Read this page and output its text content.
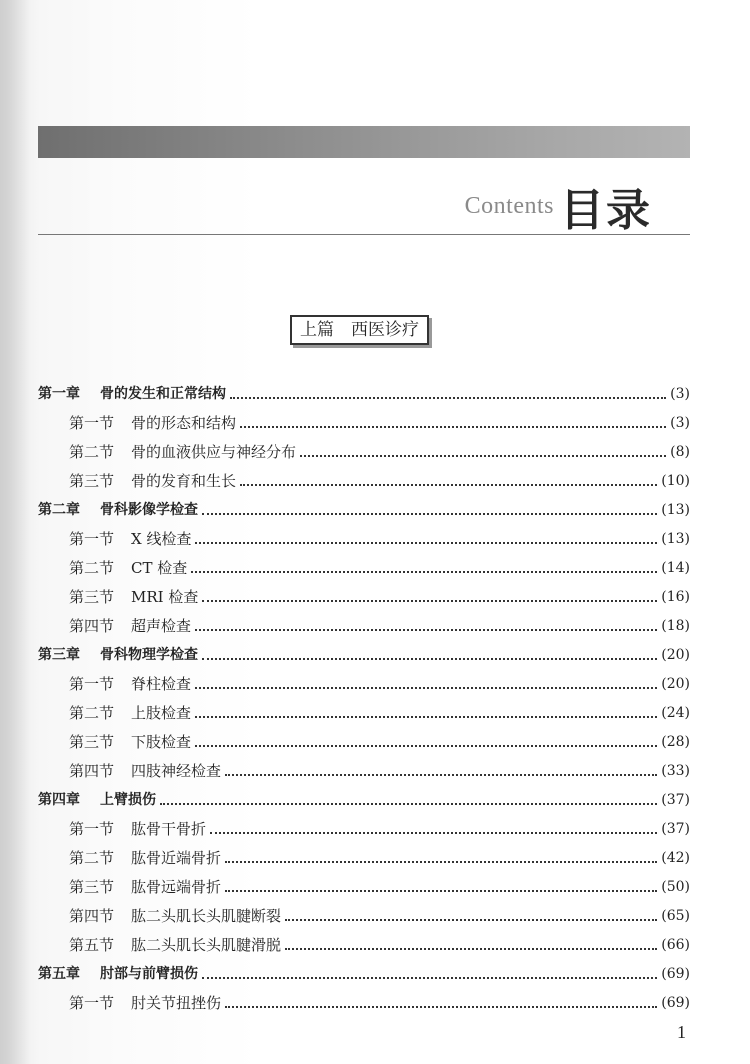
Contents 目录
上篇　西医诊疗
第一章	骨的发生和正常结构	(3)
第一节	骨的形态和结构	(3)
第二节	骨的血液供应与神经分布	(8)
第三节	骨的发育和生长	(10)
第二章	骨科影像学检查	(13)
第一节	X 线检查	(13)
第二节	CT 检查	(14)
第三节	MRI 检查	(16)
第四节	超声检查	(18)
第三章	骨科物理学检查	(20)
第一节	脊柱检查	(20)
第二节	上肢检查	(24)
第三节	下肢检查	(28)
第四节	四肢神经检查	(33)
第四章	上臂损伤	(37)
第一节	肱骨干骨折	(37)
第二节	肱骨近端骨折	(42)
第三节	肱骨远端骨折	(50)
第四节	肱二头肌长头肌腱断裂	(65)
第五节	肱二头肌长头肌腱滑脱	(66)
第五章	肘部与前臂损伤	(69)
第一节	肘关节扭挫伤	(69)
1
